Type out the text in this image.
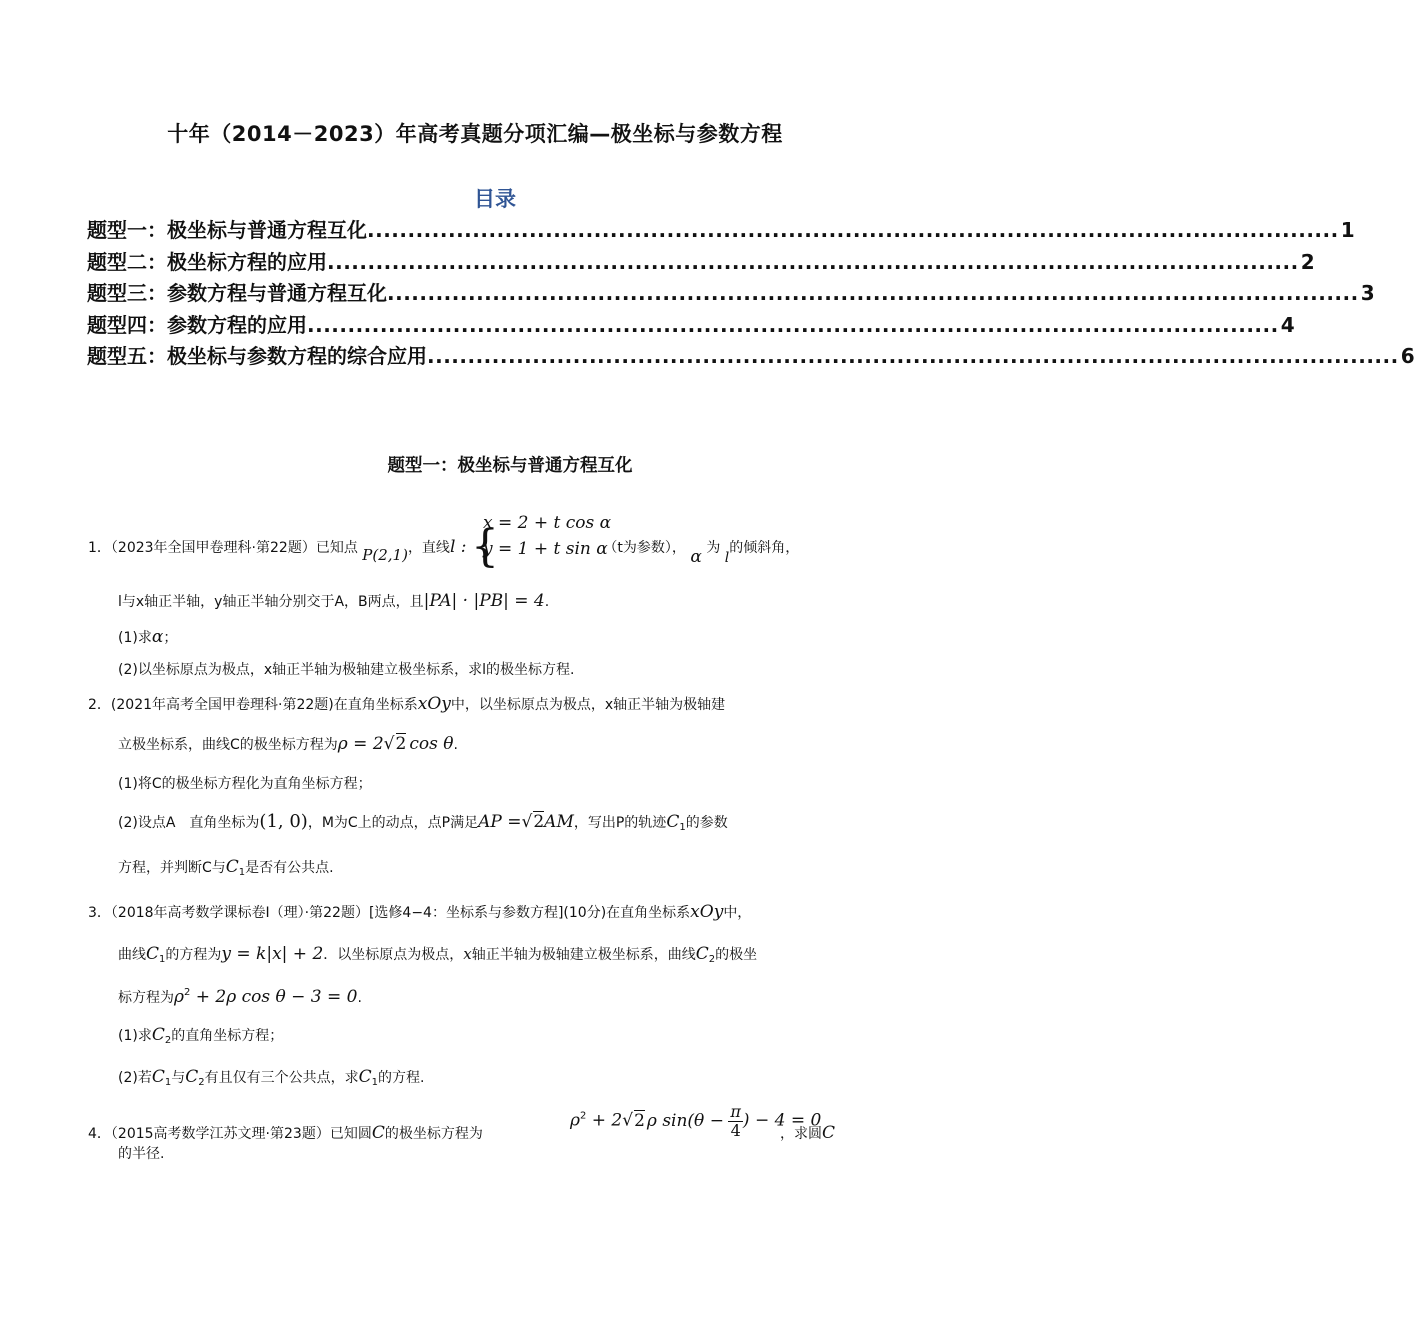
十年（2014－2023）年高考真题分项汇编—极坐标与参数方程
目录
题型一：极坐标与普通方程互化 ........................................................................................................................ 1
题型二：极坐标方程的应用 ........................................................................................................................ 2
题型三：参数方程与普通方程互化 ........................................................................................................................ 3
题型四：参数方程的应用 ........................................................................................................................ 4
题型五：极坐标与参数方程的综合应用 ........................................................................................................................ 6
题型一：极坐标与普通方程互化
1．（2023年全国甲卷理科·第22题）已知点 P(2,1)，直线l : {
x = 2 + t cos α
y = 1 + t sin α
（t为参数）， α 为 l的倾斜角，
l与x轴正半轴，y轴正半轴分别交于A，B两点，且|PA| · |PB| = 4.
(1)求α；
(2)以坐标原点为极点，x轴正半轴为极轴建立极坐标系，求l的极坐标方程.
2．(2021年高考全国甲卷理科·第22题)在直角坐标系xOy中，以坐标原点为极点，x轴正半轴为极轴建
立极坐标系，曲线C的极坐标方程为ρ = 2√2 cos θ.
(1)将C的极坐标方程化为直角坐标方程；
(2)设点A　直角坐标为(1, 0)，M为C上的动点，点P满足AP =√2AM，写出P的轨迹$C_1$的参数
方程，并判断C与$C_1$是否有公共点.
3．（2018年高考数学课标卷Ⅰ（理）·第22题）[选修4−4：坐标系与参数方程](10分)在直角坐标系xOy中，
曲线$C_1$的方程为y = k|x| + 2．以坐标原点为极点，x轴正半轴为极轴建立极坐标系，曲线$C_2$的极坐
标方程为$\rho^2 + 2\rho$ cos θ − 3 = 0.
(1)求$C_2$的直角坐标方程；
(2)若$C_1$与$C_2$有且仅有三个公共点，求$C_1$的方程.
4．（2015高考数学江苏文理·第23题）已知圆C的极坐标方程为
$\rho^2 + 2√2$ ρ $\sin(\theta - \frac{\pi}{4}$ ) − 4 = 0
，求圆C
的半径.
